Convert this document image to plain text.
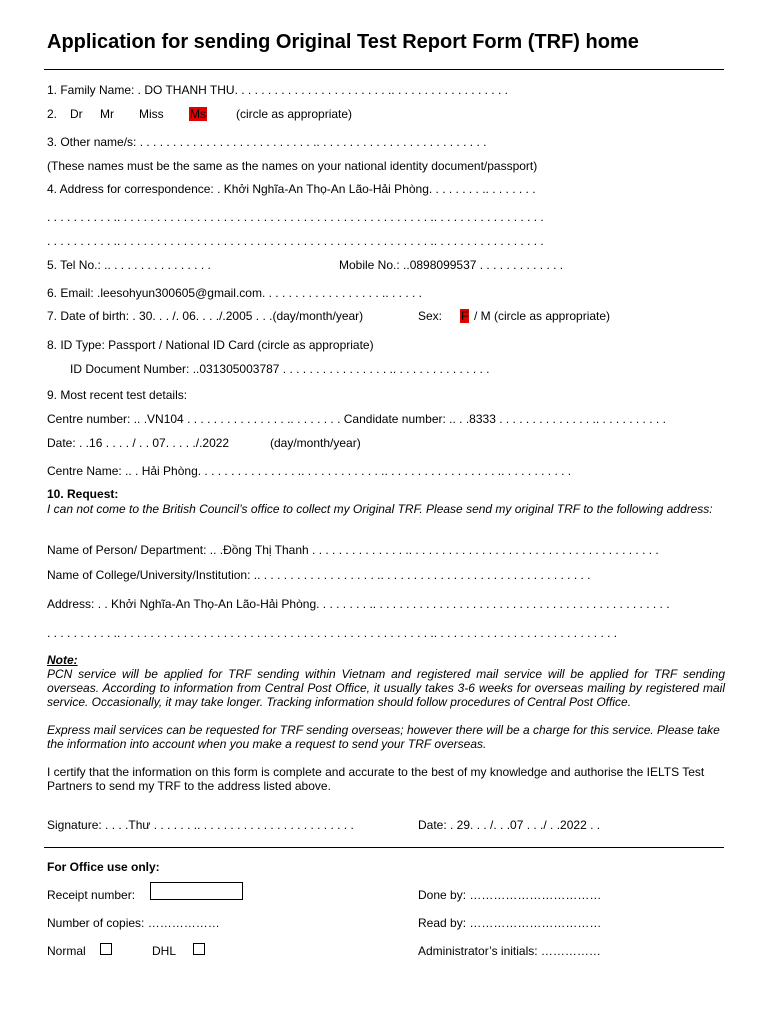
Application for sending Original Test Report Form (TRF) home
1. Family Name: . DO THANH THU. . . . . . . . . . . . . . . . . . . . . . . .. . . . . . . . . . . . . . . . . .
2. Dr Mr Miss Ms	(circle as appropriate)
3. Other name/s: . . . . . . . . . . . . . . . . . . . . . . . . . . .. . . . . . . . . . . . . . . . . . . . . . . . . .
(These names must be the same as the names on your national identity document/passport)
4. Address for correspondence: . Khởi Nghĩa-An Thọ-An Lão-Hải Phòng. . . . . . . . .. . . . . . . .
. . . . . . . . . . .. . . . . . . . . . . . . . . . . . . . . . . . . . . . . . . . . . . . . . . . . . . . . . . .. . . . . . . . . . . . . . . . .
. . . . . . . . . . .. . . . . . . . . . . . . . . . . . . . . . . . . . . . . . . . . . . . . . . . . . . . . . . .. . . . . . . . . . . . . . . . .
5. Tel No.: .. . . . . . . . . . . . . . . .	Mobile No.: ..0898099537 . . . . . . . . . . . . .
6. Email: .leesohyun300605@gmail.com. . . . . . . . . . . . . . . . . . .. . . . . .
7. Date of birth: . 30. . . /. 06. . . ./.2005 . . .(day/month/year)	Sex: F / M (circle as appropriate)
8. ID Type: Passport / National ID Card (circle as appropriate)
ID Document Number: ..031305003787 . . . . . . . . . . . . . . . . .. . . . . . . . . . . . . . .
9. Most recent test details:
Centre number: .. .VN104 . . . . . . . . . . . . . . . .. . . . . . . . Candidate number: .. . .8333 . . . . . . . . . . . . . . .. . . . . . . . . . .
Date: . .16 . . . . / . . 07. . . . ./.2022	(day/month/year)
Centre Name: .. . Hải Phòng. . . . . . . . . . . . . . . .. . . . . . . . . . . . .. . . . . . . . . . . . . . . . . .. . . . . . . . . . .
10. Request:
I can not come to the British Council’s office to collect my Original TRF. Please send my original TRF to the following address:
Name of Person/ Department: .. .Đồng Thị Thanh . . . . . . . . . . . . . . .. . . . . . . . . . . . . . . . . . . . . . . . . . . . . . . . . . . . . .
Name of College/University/Institution: .. . . . . . . . . . . . . . . . . . .. . . . . . . . . . . . . . . . . . . . . . . . . . . . . . . .
Address: . . Khởi Nghĩa-An Thọ-An Lão-Hải Phòng. . . . . . . . .. . . . . . . . . . . . . . . . . . . . . . . . . . . . . . . . . . . . . . . . . . . . .
. . . . . . . . . . .. . . . . . . . . . . . . . . . . . . . . . . . . . . . . . . . . . . . . . . . . . . . . . . .. . . . . . . . . . . . . . . . . . . . . . . . . . . .
Note:
PCN service will be applied for TRF sending within Vietnam and registered mail service will be applied for TRF sending overseas. According to information from Central Post Office, it usually takes 3-6 weeks for overseas mailing by registered mail service. Occasionally, it may take longer. Tracking information should follow procedures of Central Post Office.
Express mail services can be requested for TRF sending overseas; however there will be a charge for this service. Please take the information into account when you make a request to send your TRF overseas.
I certify that the information on this form is complete and accurate to the best of my knowledge and authorise the IELTS Test Partners to send my TRF to the address listed above.
Signature: . . . .Thư . . . . . . .. . . . . . . . . . . . . . . . . . . . . . . .	Date: . 29. . . /. . .07 . . ./ . .2022 . .
For Office use only:
Receipt number:	Done by: ……………………………
Number of copies: ………………	Read by: ……………………………
Normal	DHL	Administrator’s initials: ……………
